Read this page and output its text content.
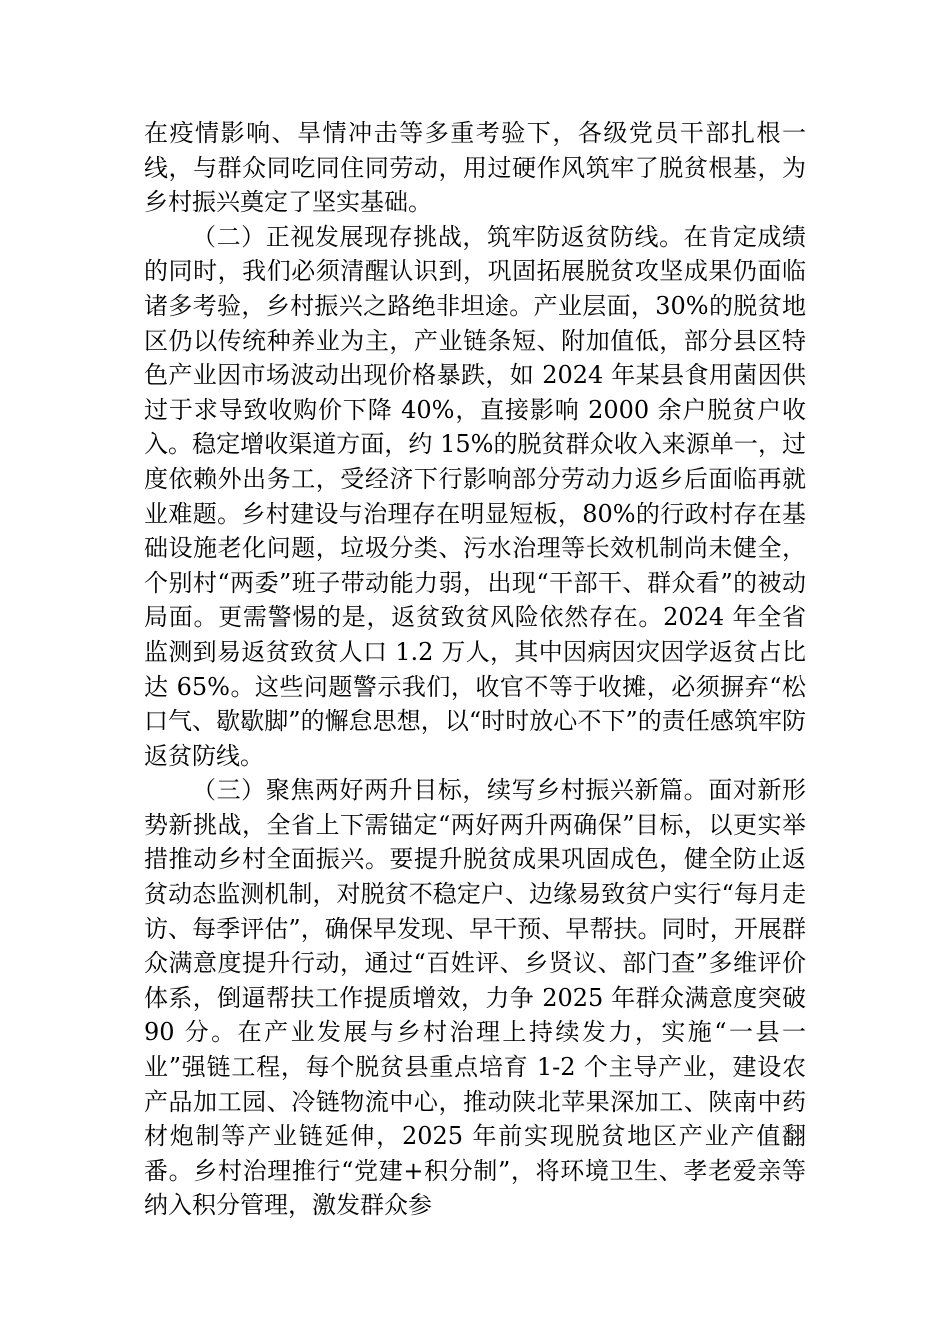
在疫情影响、旱情冲击等多重考验下，各级党员干部扎根一线，与群众同吃同住同劳动，用过硬作风筑牢了脱贫根基，为乡村振兴奠定了坚实基础。

（二）正视发展现存挑战，筑牢防返贫防线。在肯定成绩的同时，我们必须清醒认识到，巩固拓展脱贫攻坚成果仍面临诸多考验，乡村振兴之路绝非坦途。产业层面，30%的脱贫地区仍以传统种养业为主，产业链条短、附加值低，部分县区特色产业因市场波动出现价格暴跌，如 2024 年某县食用菌因供过于求导致收购价下降 40%，直接影响 2000 余户脱贫户收入。稳定增收渠道方面，约 15%的脱贫群众收入来源单一，过度依赖外出务工，受经济下行影响部分劳动力返乡后面临再就业难题。乡村建设与治理存在明显短板，80%的行政村存在基础设施老化问题，垃圾分类、污水治理等长效机制尚未健全，个别村“两委”班子带动能力弱，出现“干部干、群众看”的被动局面。更需警惕的是，返贫致贫风险依然存在。2024 年全省监测到易返贫致贫人口 1.2 万人，其中因病因灾因学返贫占比达 65%。这些问题警示我们，收官不等于收摊，必须摒弃“松口气、歇歇脚”的懈怠思想，以“时时放心不下”的责任感筑牢防返贫防线。

（三）聚焦两好两升目标，续写乡村振兴新篇。面对新形势新挑战，全省上下需锚定“两好两升两确保”目标，以更实举措推动乡村全面振兴。要提升脱贫成果巩固成色，健全防止返贫动态监测机制，对脱贫不稳定户、边缘易致贫户实行“每月走访、每季评估”，确保早发现、早干预、早帮扶。同时，开展群众满意度提升行动，通过“百姓评、乡贤议、部门查”多维评价体系，倒逼帮扶工作提质增效，力争 2025 年群众满意度突破 90 分。在产业发展与乡村治理上持续发力，实施“一县一业”强链工程，每个脱贫县重点培育 1-2 个主导产业，建设农产品加工园、冷链物流中心，推动陕北苹果深加工、陕南中药材炮制等产业链延伸，2025 年前实现脱贫地区产业产值翻番。乡村治理推行“党建+积分制”，将环境卫生、孝老爱亲等纳入积分管理，激发群众参
